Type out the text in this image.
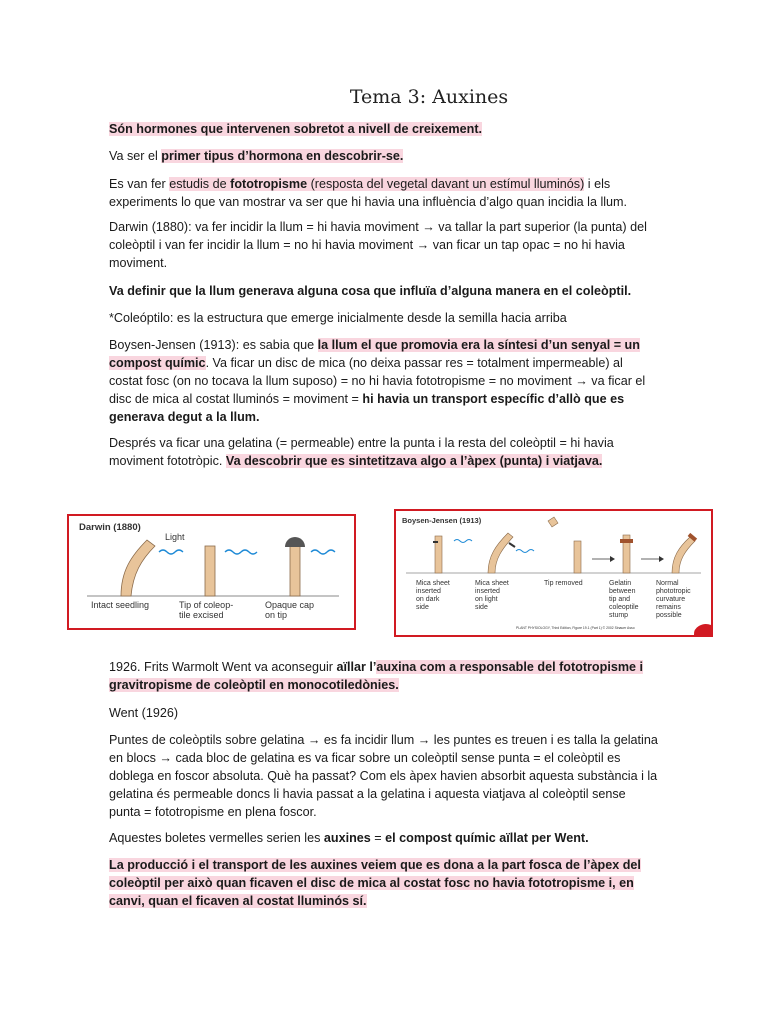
Tema 3: Auxines

Són hormones que intervenen sobretot a nivell de creixement.

Va ser el primer tipus d’hormona en descobrir-se.

Es van fer estudis de fototropisme (resposta del vegetal davant un estímul lluminós) i els experiments lo que van mostrar va ser que hi havia una influència d’algo quan incidia la llum.

Darwin (1880): va fer incidir la llum = hi havia moviment → va tallar la part superior (la punta) del coleòptil i van fer incidir la llum = no hi havia moviment → van ficar un tap opac = no hi havia moviment.

Va definir que la llum generava alguna cosa que influïa d’alguna manera en el coleòptil.

*Coleóptilo: es la estructura que emerge inicialmente desde la semilla hacia arriba

Boysen-Jensen (1913): es sabia que la llum el que promovia era la síntesi d’un senyal = un compost químic. Va ficar un disc de mica (no deixa passar res = totalment impermeable) al costat fosc (on no tocava la llum suposo) = no hi havia fototropisme = no moviment → va ficar el disc de mica al costat lluminós = moviment = hi havia un transport específic d’allò que es generava degut a la llum.

Després va ficar una gelatina (= permeable) entre la punta i la resta del coleòptil = hi havia moviment fototròpic. Va descobrir que es sintetitzava algo a l’àpex (punta) i viatjava.

Darwin (1880)
Light
Intact seedling	Tip of coleop-
tile excised
Opaque cap
on tip
Boysen-Jensen (1913)
Mica sheet
inserted
on dark
side
Mica sheet
inserted
on light
side
Tip removed	Gelatin
between
tip and
coleoptile
stump
Normal
phototropic
curvature
remains
possible
PLANT PHYSIOLOGY, Third Edition, Figure 19.1 (Part 1) © 2002 Sinauer Asso

1926. Frits Warmolt Went va aconseguir aïllar l’auxina com a responsable del fototropisme i gravitropisme de coleòptil en monocotiledònies.

Went (1926)

Puntes de coleòptils sobre gelatina → es fa incidir llum → les puntes es treuen i es talla la gelatina en blocs → cada bloc de gelatina es va ficar sobre un coleòptil sense punta = el coleòptil es doblega en foscor absoluta. Què ha passat? Com els àpex havien absorbit aquesta substància i la gelatina és permeable doncs li havia passat a la gelatina i aquesta viatjava al coleòptil sense punta = fototropisme en plena foscor.

Aquestes boletes vermelles serien les auxines = el compost químic aïllat per Went.

La producció i el transport de les auxines veiem que es dona a la part fosca de l’àpex del coleòptil per això quan ficaven el disc de mica al costat fosc no havia fototropisme i, en canvi, quan el ficaven al costat lluminós sí.
